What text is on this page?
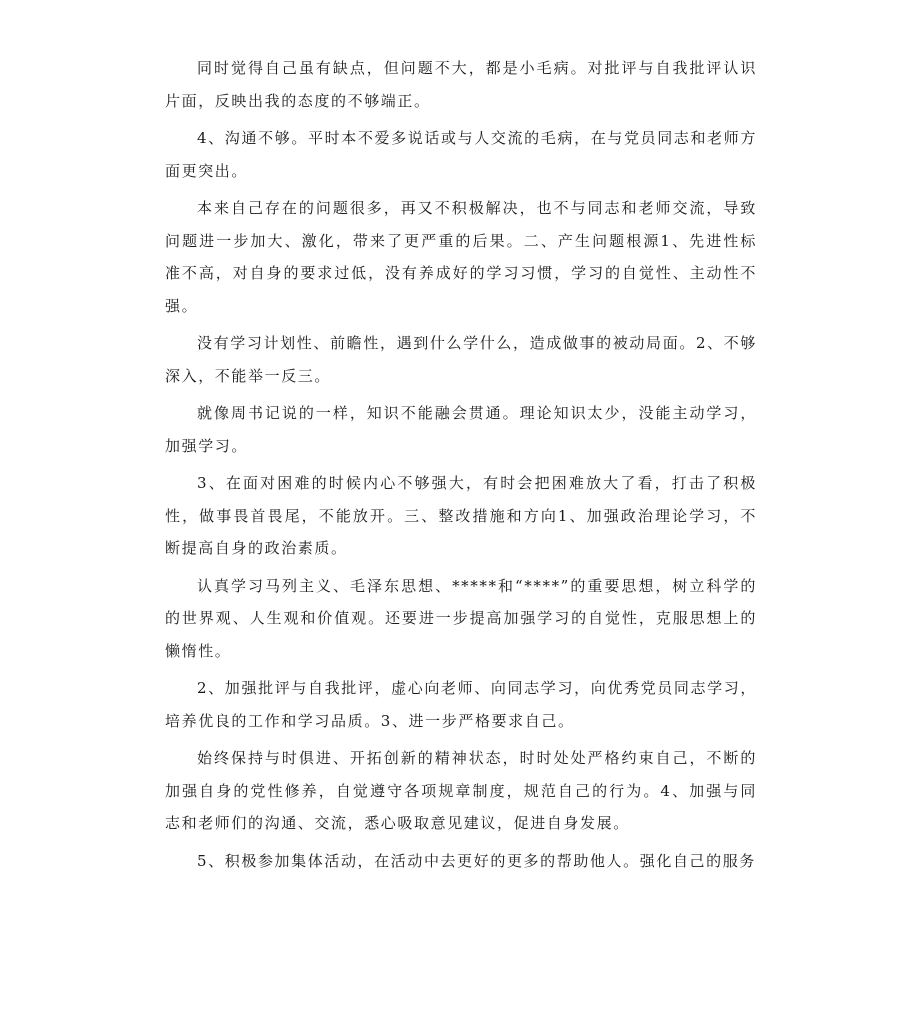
同时觉得自己虽有缺点，但问题不大，都是小毛病。对批评与自我批评认识片面，反映出我的态度的不够端正。

4、沟通不够。平时本不爱多说话或与人交流的毛病，在与党员同志和老师方面更突出。

本来自己存在的问题很多，再又不积极解决，也不与同志和老师交流，导致问题进一步加大、激化，带来了更严重的后果。二、产生问题根源1、先进性标准不高，对自身的要求过低，没有养成好的学习习惯，学习的自觉性、主动性不强。

没有学习计划性、前瞻性，遇到什么学什么，造成做事的被动局面。2、不够深入，不能举一反三。

就像周书记说的一样，知识不能融会贯通。理论知识太少，没能主动学习，加强学习。

3、在面对困难的时候内心不够强大，有时会把困难放大了看，打击了积极性，做事畏首畏尾，不能放开。三、整改措施和方向1、加强政治理论学习，不断提高自身的政治素质。

认真学习马列主义、毛泽东思想、*****和“****”的重要思想，树立科学的的世界观、人生观和价值观。还要进一步提高加强学习的自觉性，克服思想上的懒惰性。

2、加强批评与自我批评，虚心向老师、向同志学习，向优秀党员同志学习，培养优良的工作和学习品质。3、进一步严格要求自己。

始终保持与时俱进、开拓创新的精神状态，时时处处严格约束自己，不断的加强自身的党性修养，自觉遵守各项规章制度，规范自己的行为。4、加强与同志和老师们的沟通、交流，悉心吸取意见建议，促进自身发展。

5、积极参加集体活动，在活动中去更好的更多的帮助他人。强化自己的服务
